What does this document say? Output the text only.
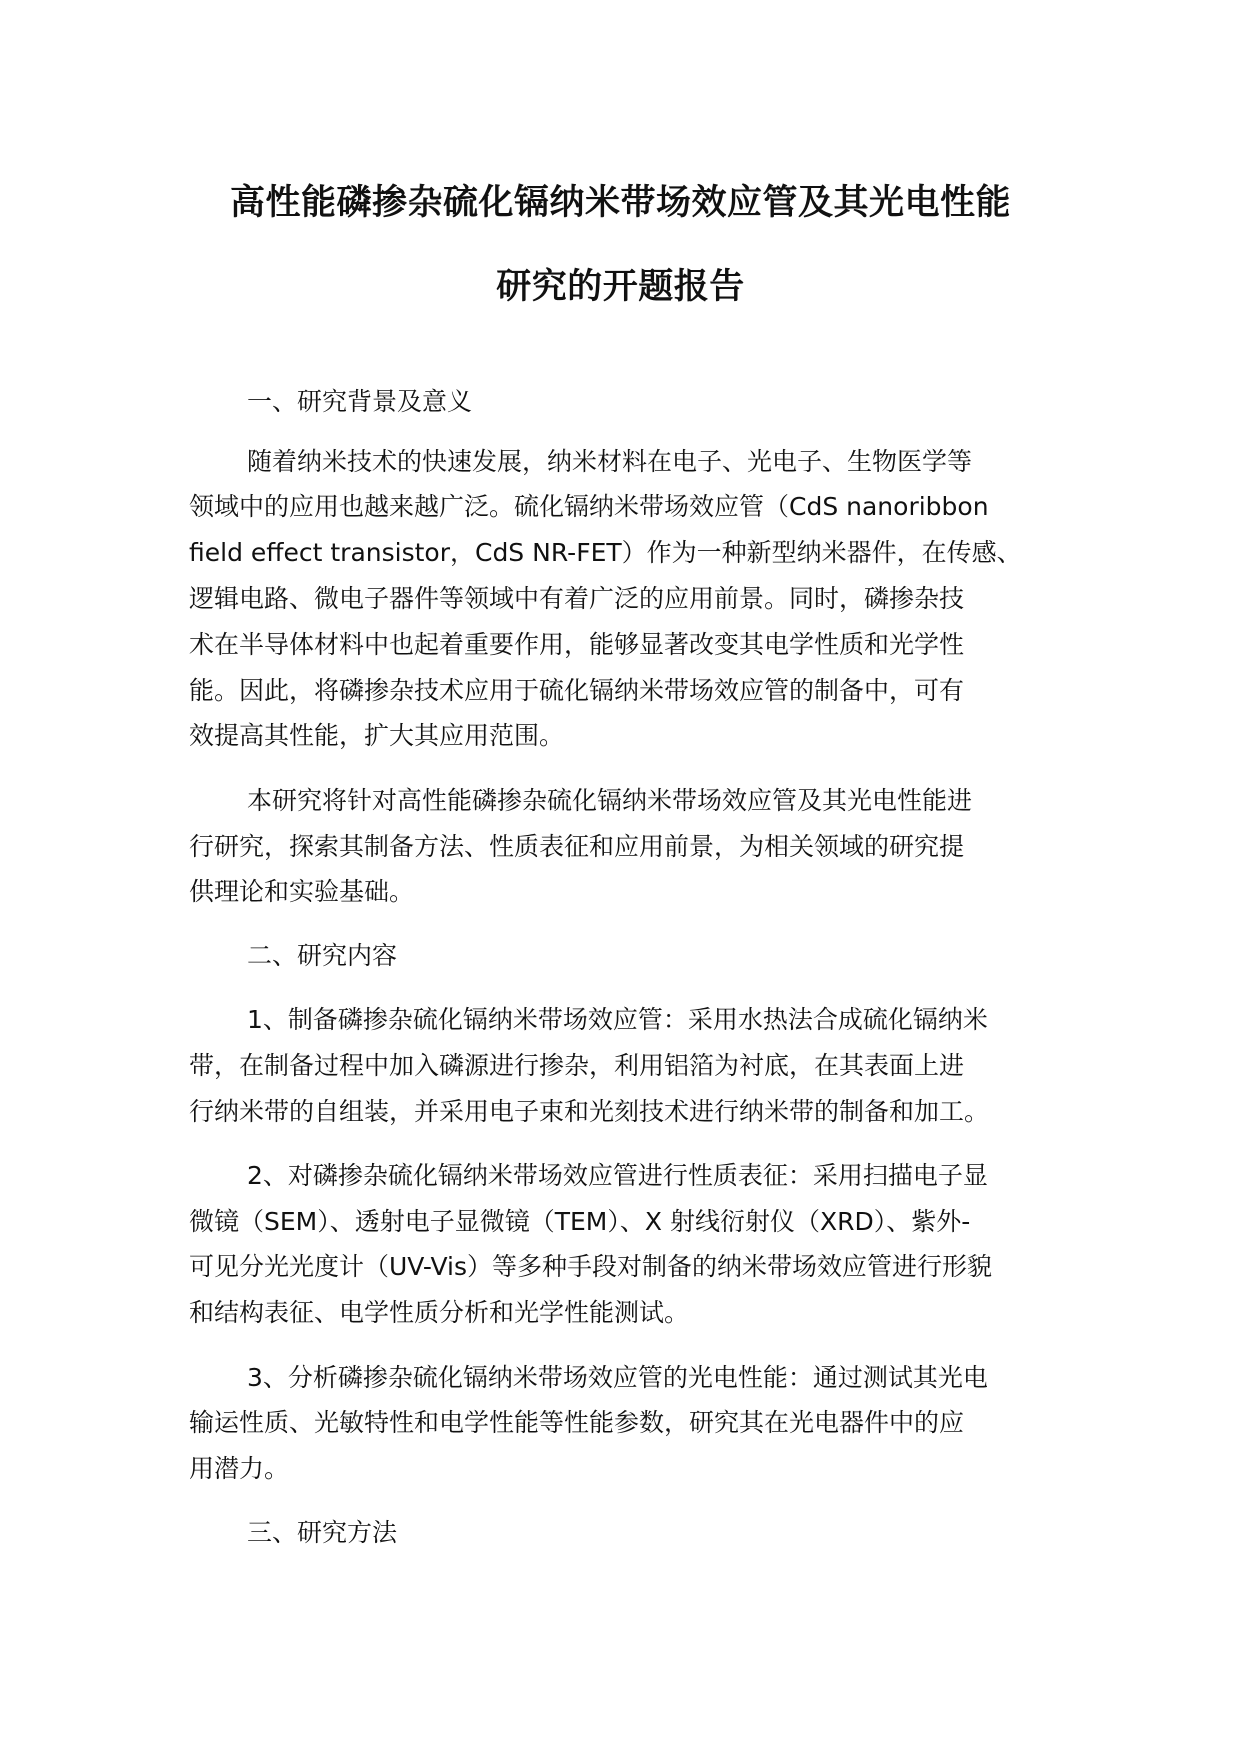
高性能磷掺杂硫化镉纳米带场效应管及其光电性能
研究的开题报告

一、研究背景及意义

随着纳米技术的快速发展，纳米材料在电子、光电子、生物医学等

领域中的应用也越来越广泛。硫化镉纳米带场效应管（CdS nanoribbon

field effect transistor，CdS NR-FET）作为一种新型纳米器件，在传感、

逻辑电路、微电子器件等领域中有着广泛的应用前景。同时，磷掺杂技

术在半导体材料中也起着重要作用，能够显著改变其电学性质和光学性

能。因此，将磷掺杂技术应用于硫化镉纳米带场效应管的制备中，可有

效提高其性能，扩大其应用范围。

本研究将针对高性能磷掺杂硫化镉纳米带场效应管及其光电性能进

行研究，探索其制备方法、性质表征和应用前景，为相关领域的研究提

供理论和实验基础。

二、研究内容

1、制备磷掺杂硫化镉纳米带场效应管：采用水热法合成硫化镉纳米

带，在制备过程中加入磷源进行掺杂，利用铝箔为衬底，在其表面上进

行纳米带的自组装，并采用电子束和光刻技术进行纳米带的制备和加工。

2、对磷掺杂硫化镉纳米带场效应管进行性质表征：采用扫描电子显

微镜（SEM）、透射电子显微镜（TEM）、X 射线衍射仪（XRD）、紫外-

可见分光光度计（UV-Vis）等多种手段对制备的纳米带场效应管进行形貌

和结构表征、电学性质分析和光学性能测试。

3、分析磷掺杂硫化镉纳米带场效应管的光电性能：通过测试其光电

输运性质、光敏特性和电学性能等性能参数，研究其在光电器件中的应

用潜力。

三、研究方法
